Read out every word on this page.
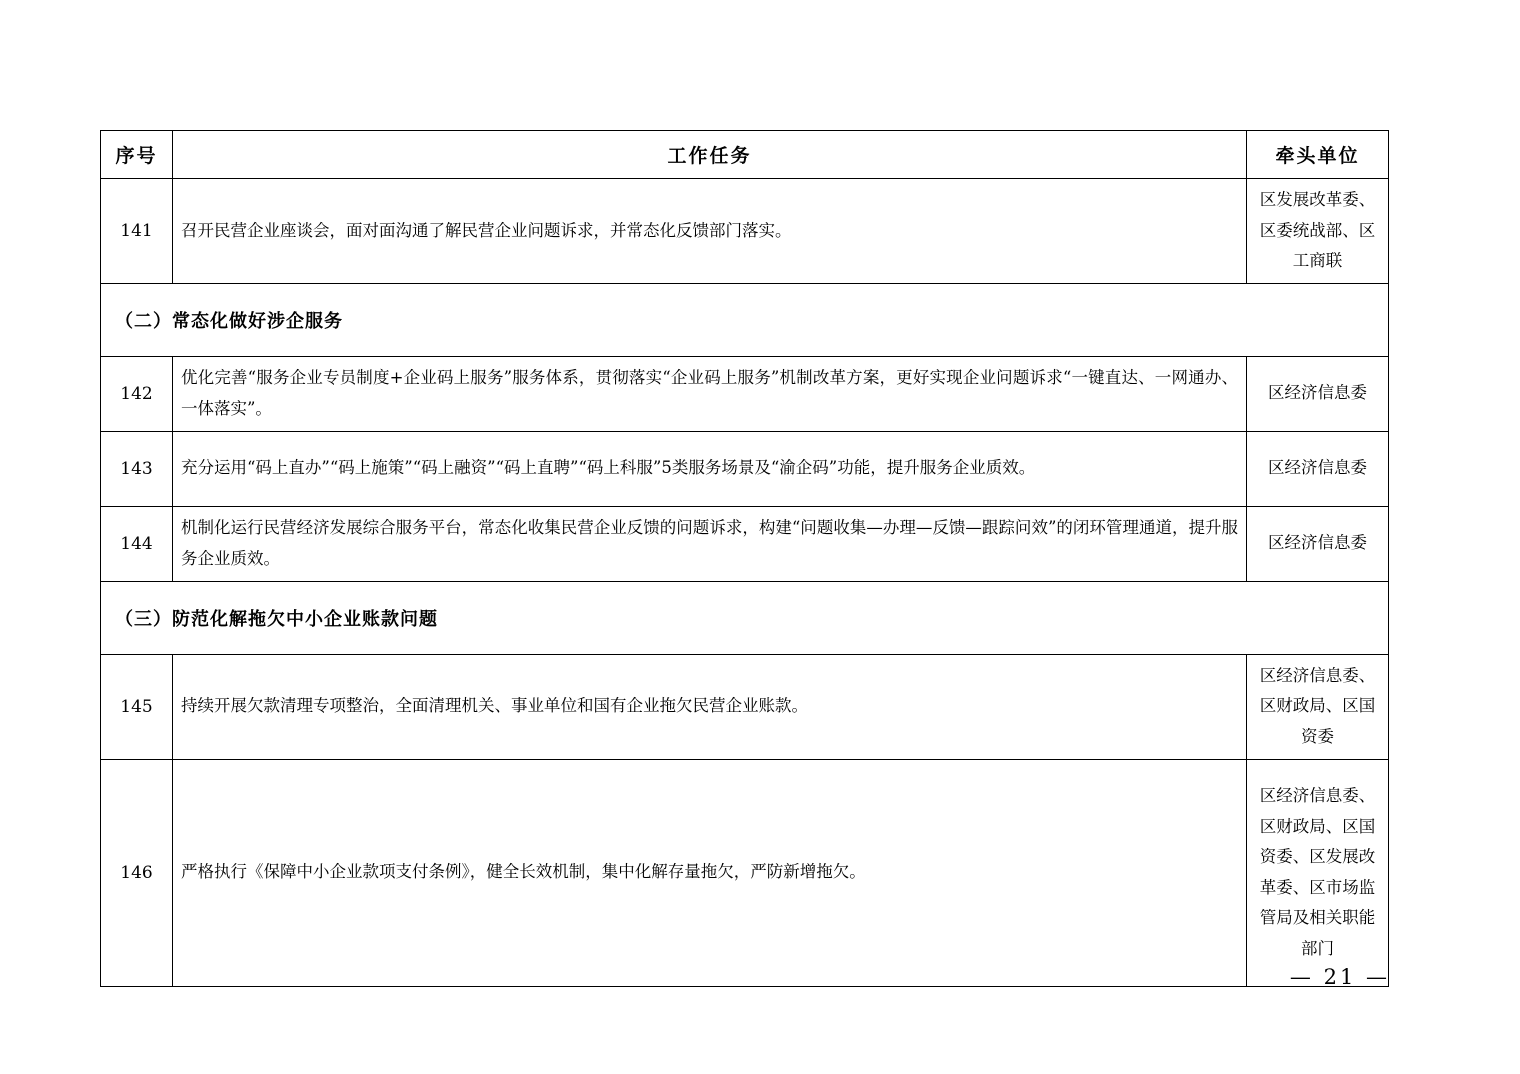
序号	工作任务	牵头单位
141	召开民营企业座谈会，面对面沟通了解民营企业问题诉求，并常态化反馈部门落实。	区发展改革委、区委统战部、区工商联
（二）常态化做好涉企服务		
142	优化完善“服务企业专员制度+企业码上服务”服务体系，贯彻落实“企业码上服务”机制改革方案，更好实现企业问题诉求“一键直达、一网通办、一体落实”。	区经济信息委
143	充分运用“码上直办”“码上施策”“码上融资”“码上直聘”“码上科服”5类服务场景及“渝企码”功能，提升服务企业质效。	区经济信息委
144	机制化运行民营经济发展综合服务平台，常态化收集民营企业反馈的问题诉求，构建“问题收集—办理—反馈—跟踪问效”的闭环管理通道，提升服务企业质效。	区经济信息委
（三）防范化解拖欠中小企业账款问题		
145	持续开展欠款清理专项整治，全面清理机关、事业单位和国有企业拖欠民营企业账款。	区经济信息委、区财政局、区国资委
146	严格执行《保障中小企业款项支付条例》，健全长效机制，集中化解存量拖欠，严防新增拖欠。	区经济信息委、区财政局、区国资委、区发展改革委、区市场监管局及相关职能部门
— 21 —
